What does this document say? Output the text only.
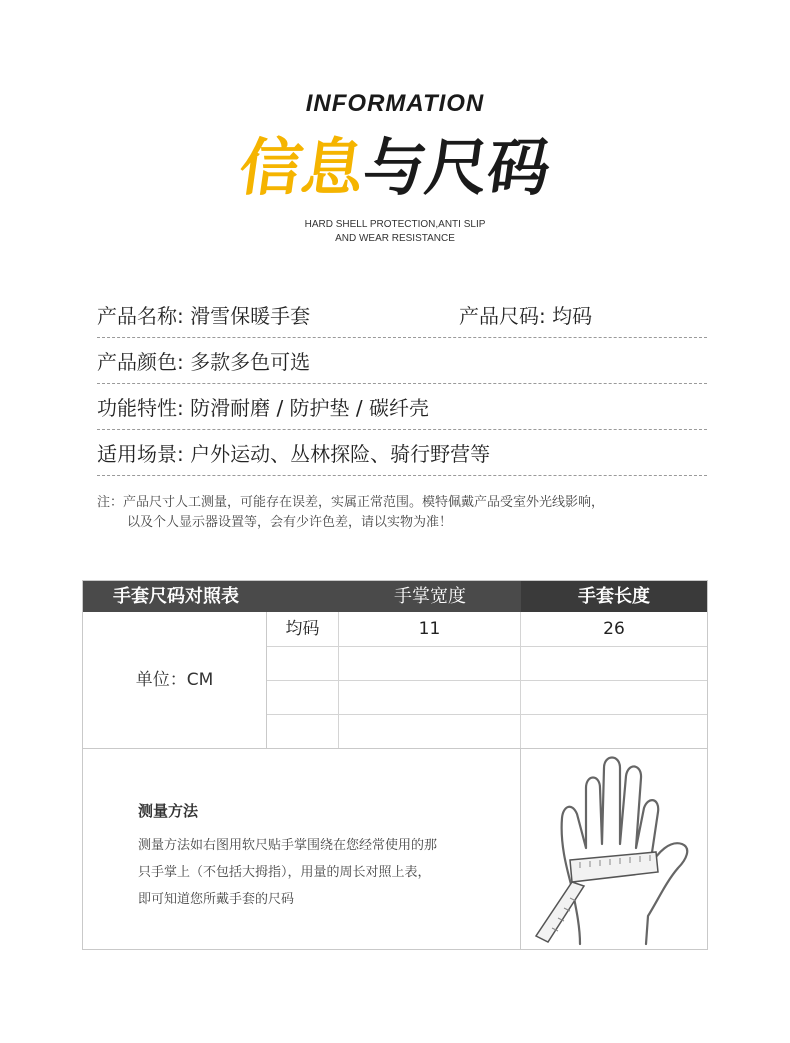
INFORMATION
信息与尺码
HARD SHELL PROTECTION,ANTI SLIP
AND WEAR RESISTANCE
产品名称: 滑雪保暖手套	产品尺码: 均码
产品颜色: 多款多色可选
功能特性: 防滑耐磨 / 防护垫 / 碳纤壳
适用场景: 户外运动、丛林探险、骑行野营等
注：产品尺寸人工测量，可能存在误差，实属正常范围。模特佩戴产品受室外光线影响，
以及个人显示器设置等，会有少许色差，请以实物为准！
手套尺码对照表	手掌宽度	手套长度
单位：CM
均码	11	26
测量方法
测量方法如右图用软尺贴手掌围绕在您经常使用的那
只手掌上（不包括大拇指），用量的周长对照上表，
即可知道您所戴手套的尺码
